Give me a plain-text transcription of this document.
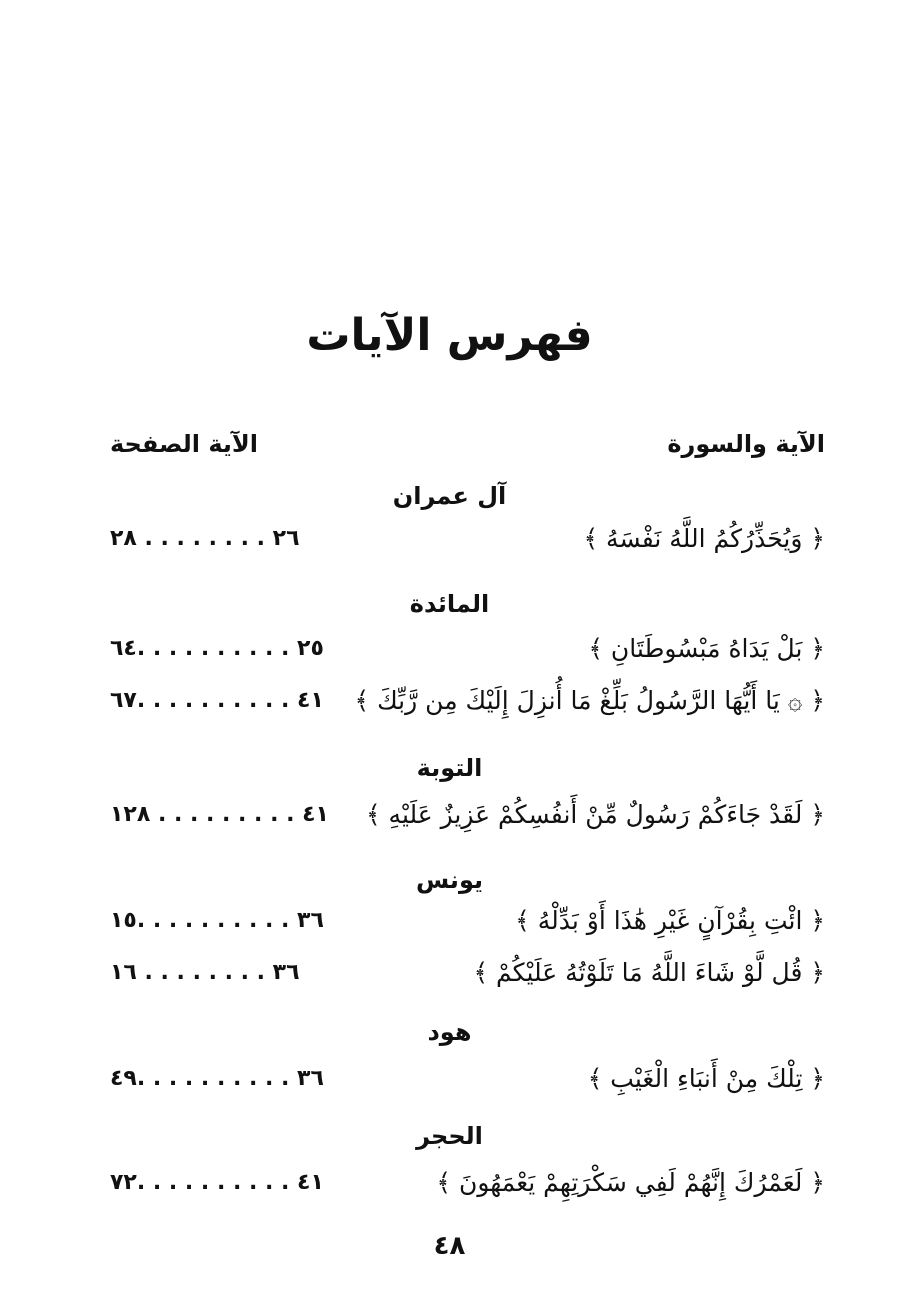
فهرس الآيات
الآية والسورة
الآية الصفحة
آل عمران
﴿ وَيُحَذِّرُكُمُ اللَّهُ نَفْسَهُ ﴾
٢٦ . . . . . . . . ٢٨
المائدة
﴿ بَلْ يَدَاهُ مَبْسُوطَتَانِ ﴾
٢٥ . . . . . . . . . .٦٤
﴿ ۞ يَا أَيُّهَا الرَّسُولُ بَلِّغْ مَا أُنزِلَ إِلَيْكَ مِن رَّبِّكَ ﴾
٤١ . . . . . . . . . .٦٧
التوبة
﴿ لَقَدْ جَاءَكُمْ رَسُولٌ مِّنْ أَنفُسِكُمْ عَزِيزٌ عَلَيْهِ ﴾
٤١ . . . . . . . . . ١٢٨
يونس
﴿ ائْتِ بِقُرْآنٍ غَيْرِ هَٰذَا أَوْ بَدِّلْهُ ﴾
٣٦ . . . . . . . . . .١٥
﴿ قُل لَّوْ شَاءَ اللَّهُ مَا تَلَوْتُهُ عَلَيْكُمْ ﴾
٣٦ . . . . . . . . ١٦
هود
﴿ تِلْكَ مِنْ أَنبَاءِ الْغَيْبِ ﴾
٣٦ . . . . . . . . . .٤٩
الحجر
﴿ لَعَمْرُكَ إِنَّهُمْ لَفِي سَكْرَتِهِمْ يَعْمَهُونَ ﴾
٤١ . . . . . . . . . .٧٢
٤٨
